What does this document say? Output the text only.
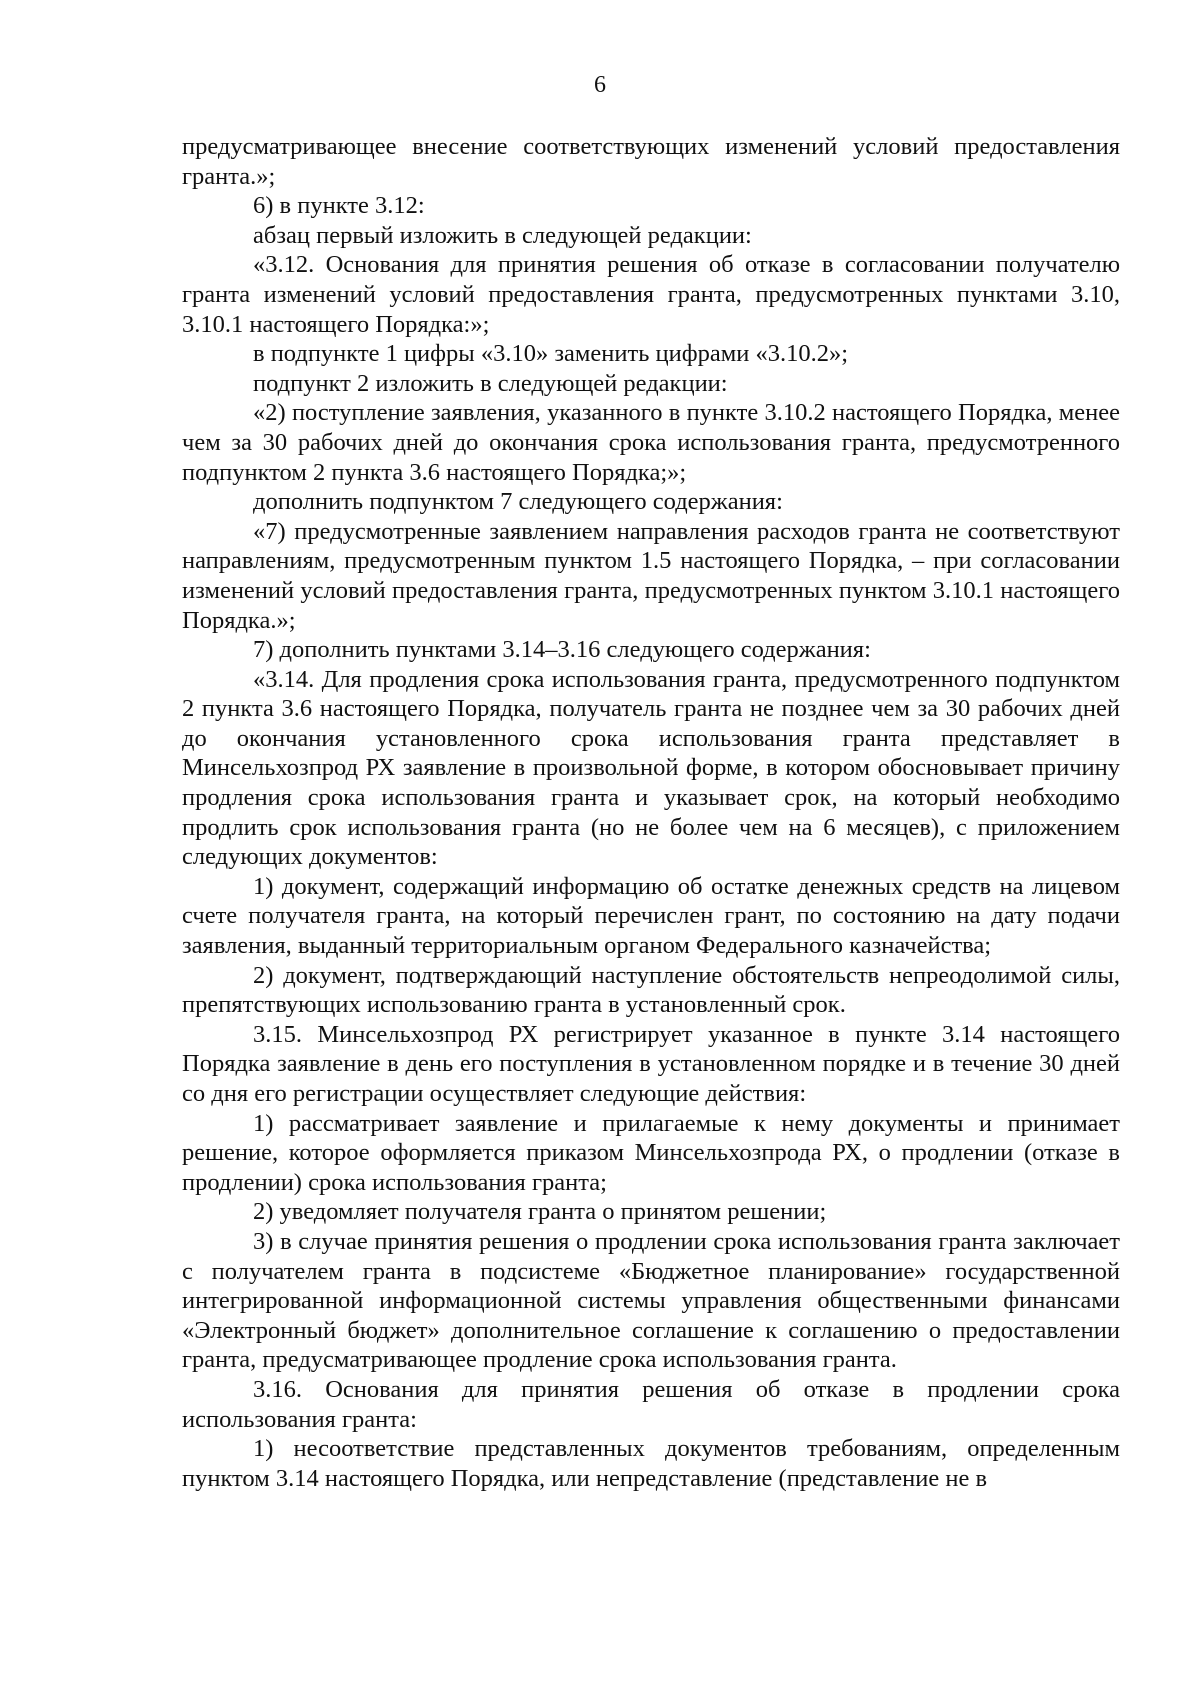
6

предусматривающее внесение соответствующих изменений условий предоставления гранта.»;

6) в пункте 3.12:

абзац первый изложить в следующей редакции:

«3.12. Основания для принятия решения об отказе в согласовании получателю гранта изменений условий предоставления гранта, предусмотренных пунктами 3.10, 3.10.1 настоящего Порядка:»;

в подпункте 1 цифры «3.10» заменить цифрами «3.10.2»;

подпункт 2 изложить в следующей редакции:

«2) поступление заявления, указанного в пункте 3.10.2 настоящего Порядка, менее чем за 30 рабочих дней до окончания срока использования гранта, предусмотренного подпунктом 2 пункта 3.6 настоящего Порядка;»;

дополнить подпунктом 7 следующего содержания:

«7) предусмотренные заявлением направления расходов гранта не соответствуют направлениям, предусмотренным пунктом 1.5 настоящего Порядка, – при согласовании изменений условий предоставления гранта, предусмотренных пунктом 3.10.1 настоящего Порядка.»;

7) дополнить пунктами 3.14–3.16 следующего содержания:

«3.14. Для продления срока использования гранта, предусмотренного подпунктом 2 пункта 3.6 настоящего Порядка, получатель гранта не позднее чем за 30 рабочих дней до окончания установленного срока использования гранта представляет в Минсельхозпрод РХ заявление в произвольной форме, в котором обосновывает причину продления срока использования гранта и указывает срок, на который необходимо продлить срок использования гранта (но не более чем на 6 месяцев), с приложением следующих документов:

1) документ, содержащий информацию об остатке денежных средств на лицевом счете получателя гранта, на который перечислен грант, по состоянию на дату подачи заявления, выданный территориальным органом Федерального казначейства;

2) документ, подтверждающий наступление обстоятельств непреодолимой силы, препятствующих использованию гранта в установленный срок.

3.15. Минсельхозпрод РХ регистрирует указанное в пункте 3.14 настоящего Порядка заявление в день его поступления в установленном порядке и в течение 30 дней со дня его регистрации осуществляет следующие действия:

1) рассматривает заявление и прилагаемые к нему документы и принимает решение, которое оформляется приказом Минсельхозпрода РХ, о продлении (отказе в продлении) срока использования гранта;

2) уведомляет получателя гранта о принятом решении;

3) в случае принятия решения о продлении срока использования гранта заключает с получателем гранта в подсистеме «Бюджетное планирование» государственной интегрированной информационной системы управления общественными финансами «Электронный бюджет» дополнительное соглашение к соглашению о предоставлении гранта, предусматривающее продление срока использования гранта.

3.16. Основания для принятия решения об отказе в продлении срока использования гранта:

1) несоответствие представленных документов требованиям, определенным пунктом 3.14 настоящего Порядка, или непредставление (представление не в
